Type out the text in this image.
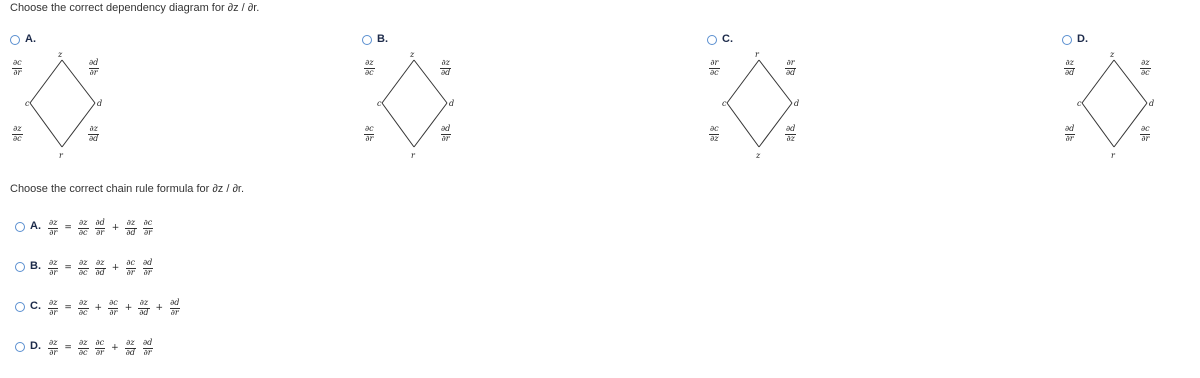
Choose the correct dependency diagram for ∂z / ∂r.
A.
z
c	d
r
$\frac{\partial c}{\partial r}$	$\frac{\partial d}{\partial r}$
$\frac{\partial z}{\partial c}$	$\frac{\partial z}{\partial d}$
B.
z
c	d
r
$\frac{\partial z}{\partial c}$	$\frac{\partial z}{\partial d}$
$\frac{\partial c}{\partial r}$	$\frac{\partial d}{\partial r}$
C.
r
c	d
z
$\frac{\partial r}{\partial c}$	$\frac{\partial r}{\partial d}$
$\frac{\partial c}{\partial z}$	$\frac{\partial d}{\partial z}$
D.
z
c	d
r
$\frac{\partial z}{\partial d}$	$\frac{\partial z}{\partial c}$
$\frac{\partial d}{\partial r}$	$\frac{\partial c}{\partial r}$
Choose the correct chain rule formula for ∂z / ∂r.
A. $\frac{\partial z}{\partial r} = \frac{\partial z}{\partial c} \frac{\partial d}{\partial r} + \frac{\partial z}{\partial d} \frac{\partial c}{\partial r}$
B. $\frac{\partial z}{\partial r} = \frac{\partial z}{\partial c} \frac{\partial z}{\partial d} + \frac{\partial c}{\partial r} \frac{\partial d}{\partial r}$
C. $\frac{\partial z}{\partial r} = \frac{\partial z}{\partial c} + \frac{\partial c}{\partial r} + \frac{\partial z}{\partial d} + \frac{\partial d}{\partial r}$
D. $\frac{\partial z}{\partial r} = \frac{\partial z}{\partial c} \frac{\partial c}{\partial r} + \frac{\partial z}{\partial d} \frac{\partial d}{\partial r}$
